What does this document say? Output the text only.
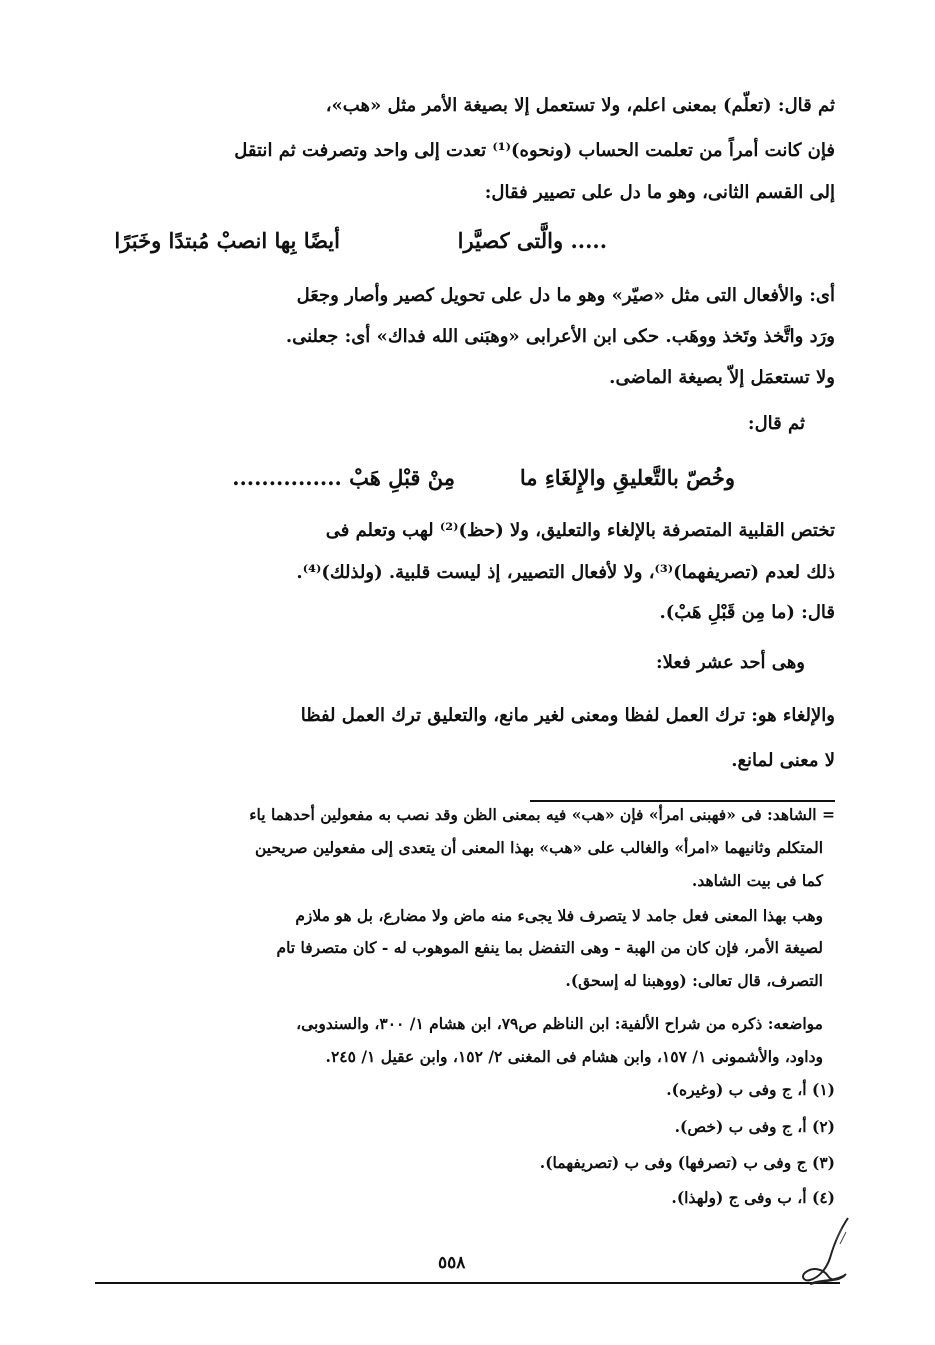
ثم قال: (تعلّم) بمعنى اعلم، ولا تستعمل إلا بصيغة الأمر مثل «هب»،
فإن كانت أمراً من تعلمت الحساب (ونحوه)⁽¹⁾ تعدت إلى واحد وتصرفت ثم انتقل
إلى القسم الثانى، وهو ما دل على تصيير فقال:
..... والَّتى كصيَّرا
أيضًا بِها انصبْ مُبتدًا وخَبَرًا
أى: والأفعال التى مثل «صيّر» وهو ما دل على تحويل كصير وأصار وجعَل
ورَد واتَّخذ وتَخذ ووهَب. حكى ابن الأعرابى «وهبَنى الله فداك» أى: جعلنى.
ولا تستعمَل إلاّ بصيغة الماضى.
ثم قال:
وخُصّ بالتَّعليقِ والإِلغَاءِ ما
مِنْ قبْلِ هَبْ ...............
تختص القلبية المتصرفة بالإلغاء والتعليق، ولا (حظ)⁽²⁾ لهب وتعلم فى
ذلك لعدم (تصريفهما)⁽³⁾، ولا لأفعال التصيير، إذ ليست قلبية. (ولذلك)⁽⁴⁾.
قال: (ما مِن قَبْلِ هَبْ).
وهى أحد عشر فعلا:
والإلغاء هو: ترك العمل لفظا ومعنى لغير مانع، والتعليق ترك العمل لفظا
لا معنى لمانع.
= الشاهد: فى «فهبنى امرأ» فإن «هب» فيه بمعنى الظن وقد نصب به مفعولين أحدهما ياء
المتكلم وثانيهما «امرأ» والغالب على «هب» بهذا المعنى أن يتعدى إلى مفعولين صريحين
كما فى بيت الشاهد.
وهب بهذا المعنى فعل جامد لا يتصرف فلا يجىء منه ماض ولا مضارع، بل هو ملازم
لصيغة الأمر، فإن كان من الهبة - وهى التفضل بما ينفع الموهوب له - كان متصرفا تام
التصرف، قال تعالى: (ووهبنا له إسحق).
مواضعه: ذكره من شراح الألفية: ابن الناظم ص٧٩، ابن هشام ١/ ٣٠٠، والسندوبى،
وداود، والأشمونى ١/ ١٥٧، وابن هشام فى المغنى ٢/ ١٥٢، وابن عقيل ١/ ٢٤٥.
(١) أ، ج وفى ب (وغيره).
(٢) أ، ج وفى ب (خص).
(٣) ج وفى ب (تصرفها) وفى ب (تصريفهما).
(٤) أ، ب وفى ج (ولهذا).
٥٥٨
